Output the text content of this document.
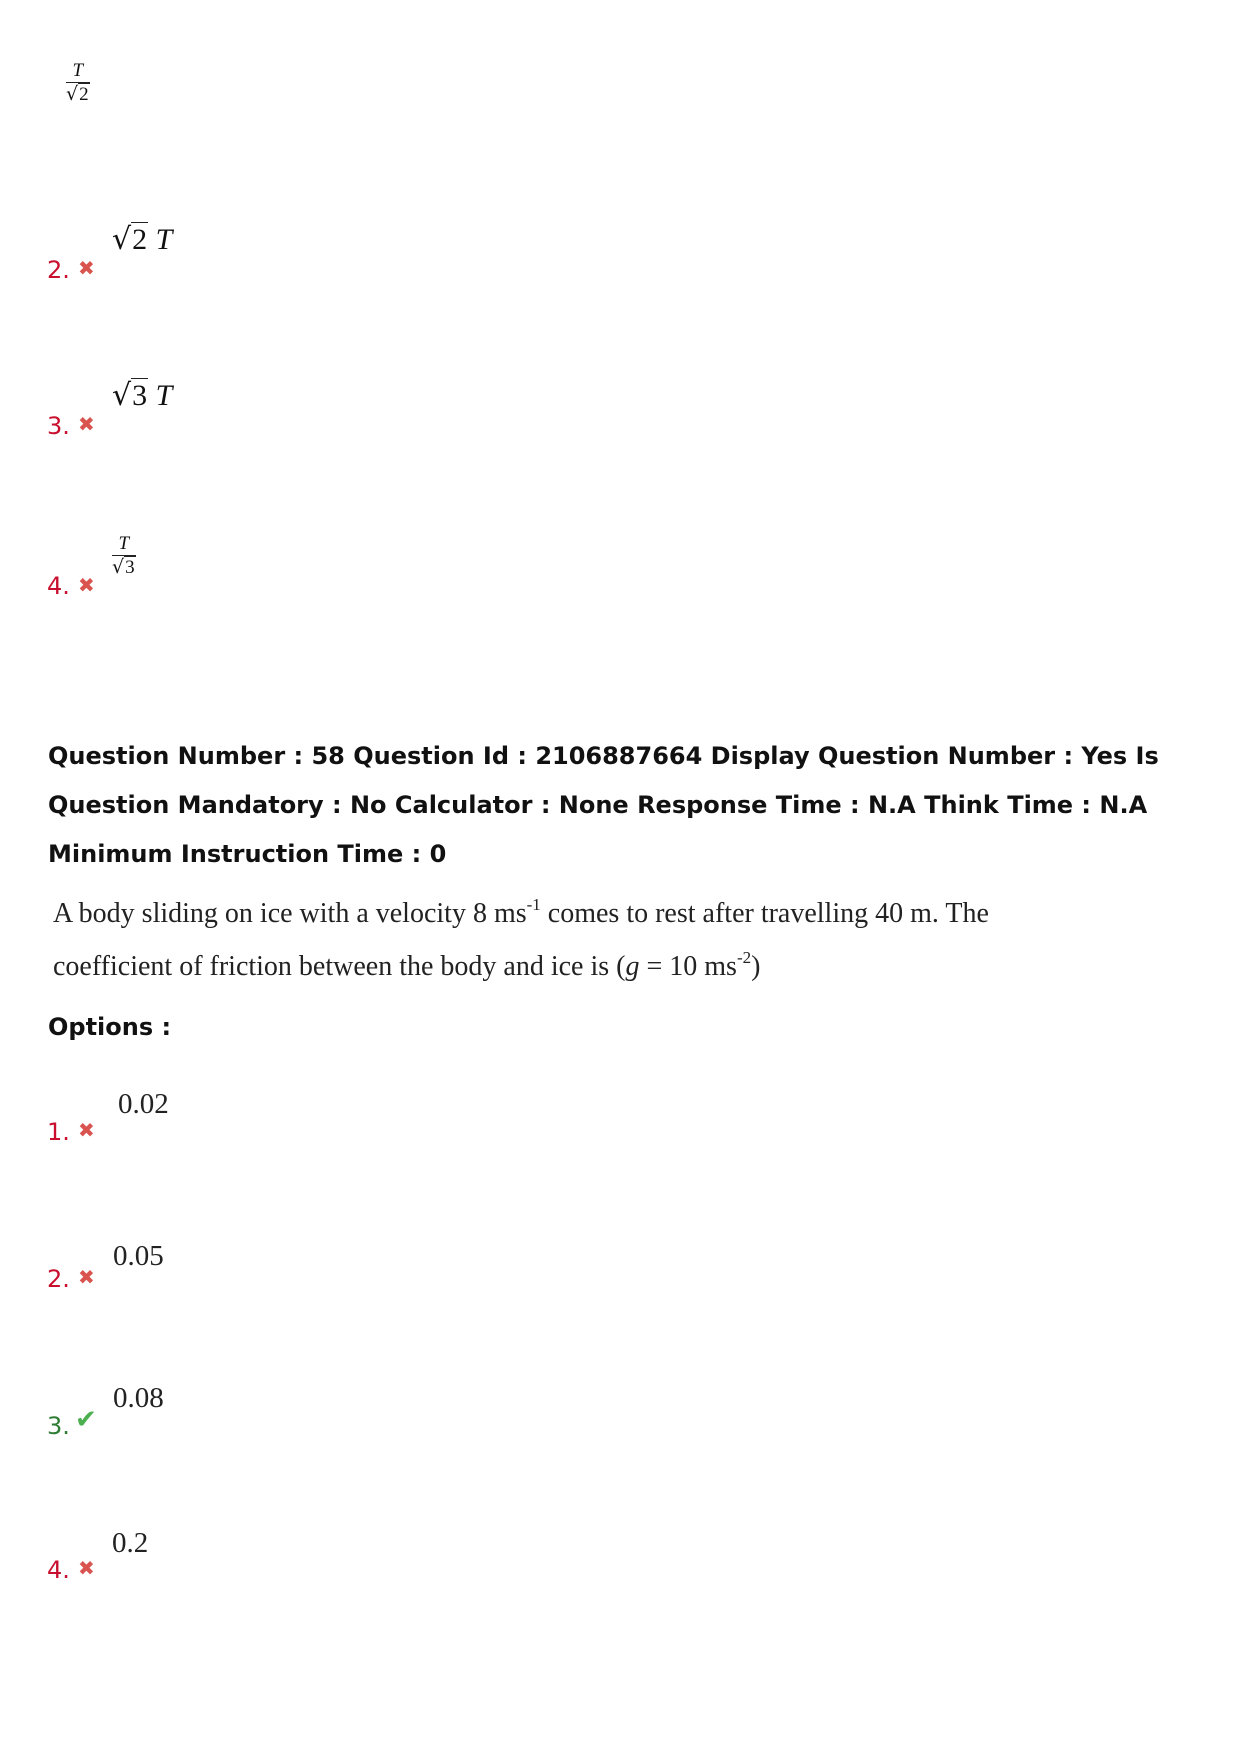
$\frac{T}{√2}$
2. ✖
√ 2 T
3. ✖
√ 3 T
4. ✖
$\frac{T}{√3}$
Question Number : 58 Question Id : 2106887664 Display Question Number : Yes Is Question Mandatory : No Calculator : None Response Time : N.A Think Time : N.A Minimum Instruction Time : 0
A body sliding on ice with a velocity 8 $ms^{-1}$ comes to rest after travelling 40 m. The
coefficient of friction between the body and ice is (g = 10 $ms^{-2}$)
Options :
1. ✖
0.02
2. ✖
0.05
3. ✔
0.08
4. ✖
0.2
